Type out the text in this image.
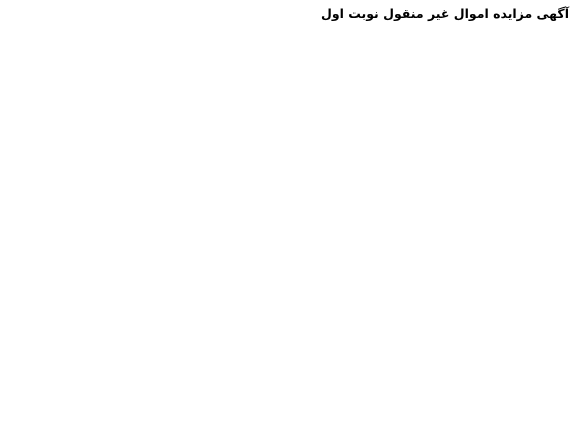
آگهی مزایده اموال غیر منقول نوبت اول
